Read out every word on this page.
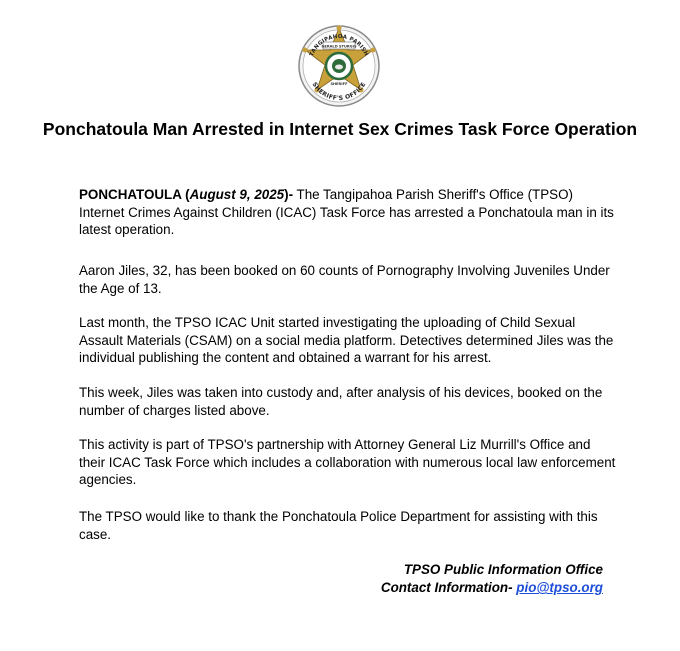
GERALD STURGIS
SHERIFF
TANGIPAHOA PARISH
SHERIFF'S OFFICE
Ponchatoula Man Arrested in Internet Sex Crimes Task Force Operation

PONCHATOULA (August 9, 2025)- The Tangipahoa Parish Sheriff's Office (TPSO) Internet Crimes Against Children (ICAC) Task Force has arrested a Ponchatoula man in its latest operation.

Aaron Jiles, 32, has been booked on 60 counts of Pornography Involving Juveniles Under the Age of 13.

Last month, the TPSO ICAC Unit started investigating the uploading of Child Sexual Assault Materials (CSAM) on a social media platform. Detectives determined Jiles was the individual publishing the content and obtained a warrant for his arrest.

This week, Jiles was taken into custody and, after analysis of his devices, booked on the number of charges listed above.

This activity is part of TPSO's partnership with Attorney General Liz Murrill's Office and their ICAC Task Force which includes a collaboration with numerous local law enforcement agencies.

The TPSO would like to thank the Ponchatoula Police Department for assisting with this case.

TPSO Public Information Office
Contact Information- pio@tpso.org
